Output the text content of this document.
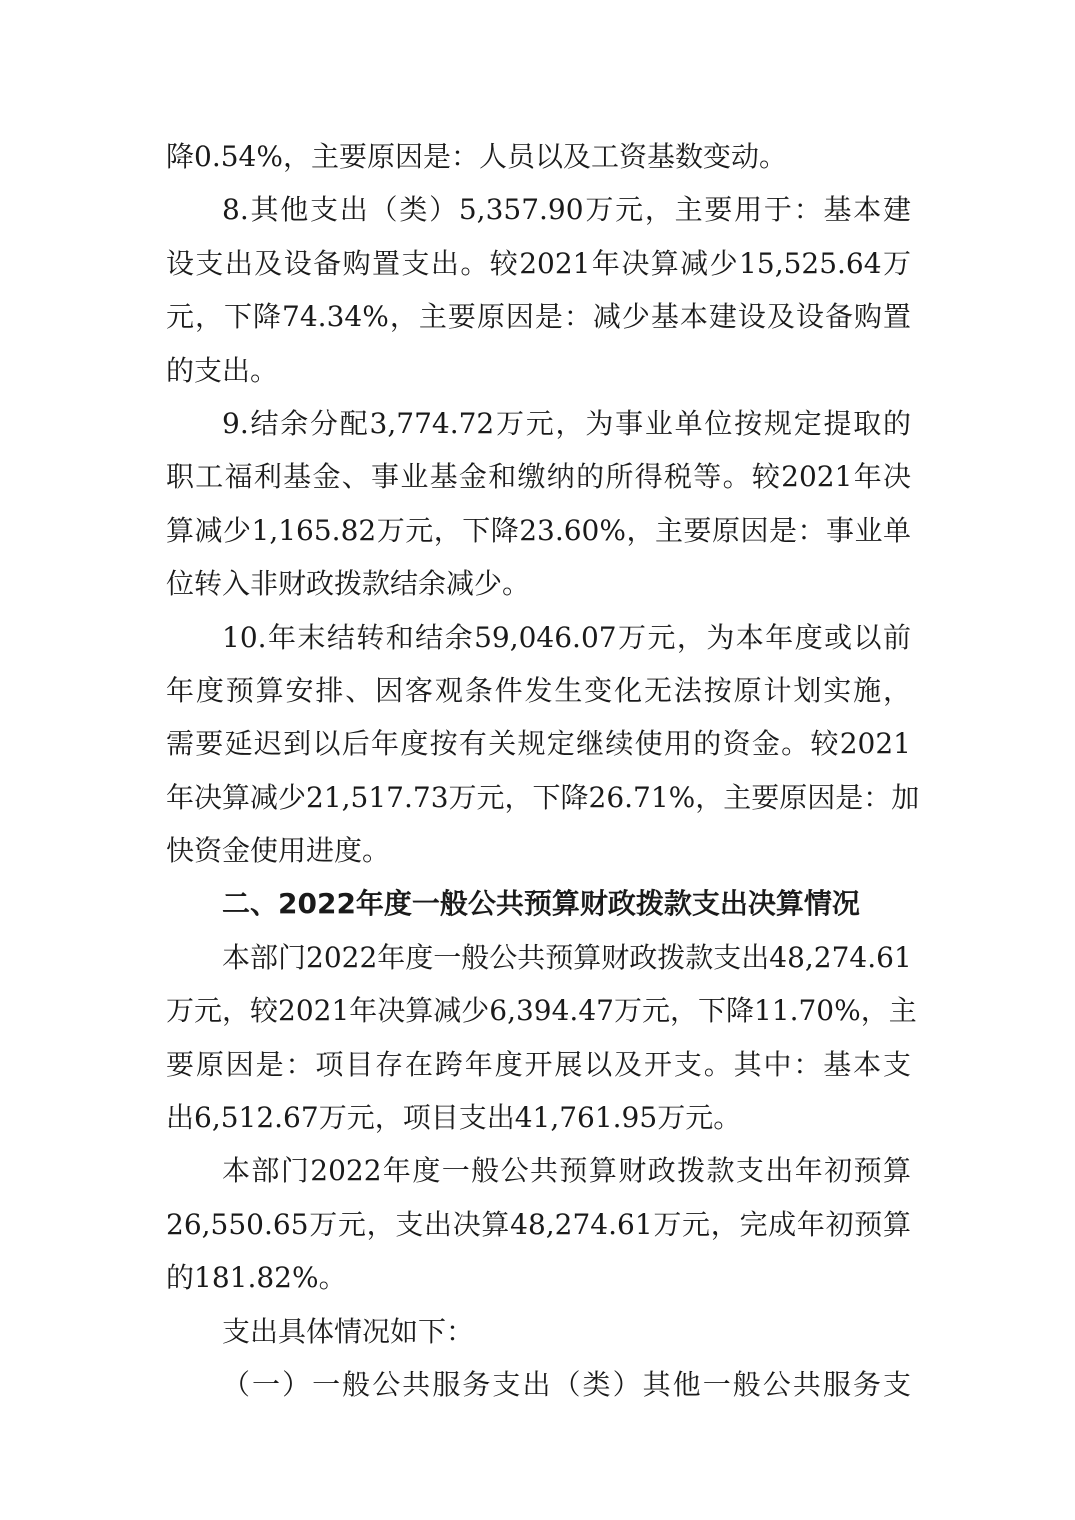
降0.54%，主要原因是：人员以及工资基数变动。
8.其他支出（类）5,357.90万元，主要用于：基本建
设支出及设备购置支出。较2021年决算减少15,525.64万
元，下降74.34%，主要原因是：减少基本建设及设备购置
的支出。
9.结余分配3,774.72万元，为事业单位按规定提取的
职工福利基金、事业基金和缴纳的所得税等。较2021年决
算减少1,165.82万元，下降23.60%，主要原因是：事业单
位转入非财政拨款结余减少。
10.年末结转和结余59,046.07万元，为本年度或以前
年度预算安排、因客观条件发生变化无法按原计划实施，
需要延迟到以后年度按有关规定继续使用的资金。较2021
年决算减少21,517.73万元，下降26.71%，主要原因是：加
快资金使用进度。
二、2022年度一般公共预算财政拨款支出决算情况
本部门2022年度一般公共预算财政拨款支出48,274.61
万元，较2021年决算减少6,394.47万元，下降11.70%，主
要原因是：项目存在跨年度开展以及开支。其中：基本支
出6,512.67万元，项目支出41,761.95万元。
本部门2022年度一般公共预算财政拨款支出年初预算
26,550.65万元，支出决算48,274.61万元，完成年初预算
的181.82%。
支出具体情况如下：
（一）一般公共服务支出（类）其他一般公共服务支
